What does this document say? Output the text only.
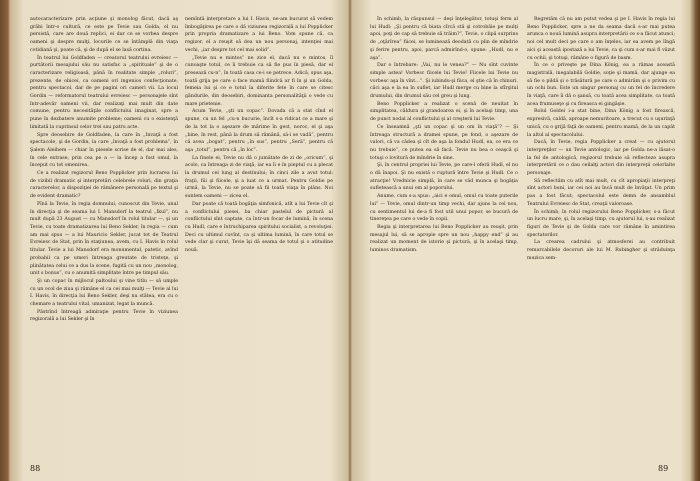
autocaracterizare prin acţiune şi monolog făcut, dacă aş grăbi într-o cultură, ce este pe Tevie sau Golda, el nu persistă, care are două replici, ei dar ce se vorbea despre oameni şi despre mulţi, locurile ce se întâmplă din viaţa cotidiană şi, poate că, şi de după el se lasă cortina.

În teatrul lui Goldfaden — creatorul teatrului evreiesc — purtătorii mesajului său nu satisfac a „spirituale” şi de o caracterizare religioasă, până în realitate simple „roluri”, prezente, de obicei, ca oameni ori ingenios confecţionate, pentru spectacol, dar de pe pagini ori cameri vii. La locul Gordin — reformatorul teatrului evreiesc — personajele sînt într-adevăr oameni vii, dar realizaţi mai mult din date comune, pentru necesităţile conflictului imaginat, spre a pune în dezbatere anumite probleme; oameni cu o existenţă limitată la cuprinsul celor trei sau patru acte.

Spre deosebire de Goldfaden, la care în „Invaţă a fost spectacole, şi de Gordin, la care „învaţă a fost problema”, în Şalem Aleihem — chiar în piesele scrise de el, dar mai ales, în cele extrase, prin cea pe a — la încep a fost omul, la început cu tot omenirea.

Ce a realizat regizorul Beno Popplicker prin lucrarea lui de vizibil dramatic şi interpretări celebrele roluri, din graţia caracterelor, a dispoziţiei de rămânere personală pe textul şi de evident dramatic?

Pînă la Tevie, în regia domnului, cunoscut din Tevie, unul în direcţia şi de seama lui I. Mansdorf la teatrul „Ikul”, nu mult după 23 August — cu Mansdorf în rolul titular —, şi un Tevie, cu toate dramatizarea lui Beno Sekler, în regia — cum am mai spus — a lui Mauricio Sekler, jucat tot de Teatrul Evreiesc de Stat, prin în staţiunea, avem, cu I. Havis în rolul titular. Tevie a lui Mansdorf era monumental, patetic, avînd probabil ca pe umeri întreaga greutate de tristeţe, şi plinătatea celui ce a dus la scene, fugită cu un nou „monolog, unit s bonus”, cu o anumită simplitate între pe timpul său.

Şi un copac în mijlocul paltoului şi vine titlu — să umple cu un ocol de ziua şi rămâne el ca cei mai mulţi — Tevie al lui I. Havis, în direcţia lui Beno Sekler, deşi nu stătea, era cu o chemare a teatrului vital, umanizat, legat la muncă.

Păstrînd întreagă admiraţie pentru Tevie în viziunea regizorală a lui Sekler şi în

nemîntă interpretare a lui I. Havis, ne-am bucurat să vedem îmbogăţirea pe care o dă viziunea regizorală a lui Popplicker prin propria dramatizare a lui Beno. Vom spune că, ca regizor, el a reuşit să dea un nou personaj, intenţiei mai vechi, „iar despre tot cel mai solid”.

„Tevie nu e mintos” ne zice el, dacă nu e mintos, îl cunoaşte totul, ce îi trebuie ca să fie pus în piesă, dar el presează cu-n”, în toată casa ce-i se petrece. Adică, spus aşa, toată grija pe care o face mamă fiindcă ar fi în şi un Golda, femeia lui şi ce e totul la diferite fete în care se citesc gândurile, din deosebiri, dominanta personalităţii o vede cu mare prietenie.

Acum Tevie, „şti un copac”. Dovada că a stat cînd el spune, cu un fel „cu-n bucurie, încît s-a ridicat ce a mare şi de la tot la o aşezare de mărime în gest, noroc, el şi aşa „bine, în rest, până la drum să rămână, să-i se vadă”, pentru că avea „bogat”, pentru „în sus”, pentru „Seră”, pentru că aşa „totul”, pentru că „în loc”.

La finele ei, Tevie nu dă o jumătate de zi de „oricum”, şi acolo, ca întreaga zi de viaţă, iar ea îi e în pieptul cu a plecat la drumul cel lung al destinului; în cinci zile a avut totul: fraţii, fiii şi fiicele, şi a luat ce a urmat. Pentru Goldie pe urmă, la Tevie, nu se poate să fii toată viaţa în plâns. Noi suntem oameni — zicea el.

Dar poate că toată bogăţia simfonică, atît a lui Tevie cît şi a conflictului piesei, ba chiar pastelul de pictură al conflictului sînt captate, ca într-un focar de lumină, în scena cu Hudl, care e întruchiparea spiritului socialist, a revoluţiei. Deci cu ultimul cuvînt, ca şi ultima lumină, în care totul se vede clar şi curat, Tevie îşi dă seama de totul şi o atitudine nouă.

88

În schimb, la răspunsul — deşi înţelegător, totuşi ferm al lui Hudl: „Şi pentru că biata cîrcă stă şi cotrobăie pe mulţi apoi, poţi de cap să trebuie să trăim?”, Tevie, o clipă surprins de „oţărîrea” fiicei, se luminează deodată cu plin de mîndrie şi ferire pentru, apoi, parcă admirînd-o, spune: „Hudl, nu e aşa”.

Dar o întrebare: „Vai, nu le venea?” — Nu sînt cuvinte simple astea! Vorbesc fiicele lui Tevie! Fiicele lui Tevie nu vorbesc aşa în vînt…”. Şi iubindu-şi fiica, el ştie că în chinuri, căci aşa e la ea în suflet, iar Hudl merge cu bine la sfîrşitul drumului, din drumul său cel greu şi lung.

Beno Popplicker a realizat o scenă de neuitat în simplitatea, căldura şi grandoarea ei, şi în acelaşi timp, una de punct nodal al conflictului şi al creşterii lui Tevie.

Ce înseamnă „şti un copac şi un om în viaţă”? — Şi întreaga structură a dramei spune, pe fond, o aşezare de valori, că va cădea şi cît de aşa la fondul Hudl, ea, ce era ce nu trebuie”, ce putea ea să facă. Tevie nu bea o ceaşcă şi totuşi o lovitură de mîndrie în sine.

Şi, în centrul propriei lui Tevie, pe care-l oferă Hudl, el nu o dă înapoi. Şi nu există o ruptură între Tevie şi Hudl. Ce o atracţie! Vrednicie simplă, în care se văd munca şi bogăţia sufletească a unui om al poporului.

Anume, cum s-a spus: „aici e omul, omul cu toate puterile lui” — Tevie, omul dintr-un timp vechi, dar ajuns la cel nou, cu sentimentul lui de-a fi fost util unui popor, se bucură de tinereţea pe care o vede în copii.

Regia şi interpretarea lui Beno Popplicker au reuşit, prin mesajul lui, să se apropie spre un nou „happy end” şi au realizat un moment de istorie şi pictură, şi în acelaşi timp, luminos dramatism.

Regretăm că nu am putut vedea şi pe I. Havis în regia lui Beno Popplicker, spre a ne da seama dacă s-ar mai putea arunca o nouă lumină asupra interpretării ce s-a făcut atunci; noi cel mult deci pe care o am înţeles, iar ea avem pe lîngă aici şi această ipostază a lui Tevie, ca şi cum s-ar mai fi văzut cu ochii, şi totuşi, rămâne o figură de basm.

În ce o priveşte pe Dina König, ea a rămas această magistrală, inegalabilă Goldie, soţie şi mamă, dar ajunge ea să fie o pildă şi o trăsătură pe care o admirăm şi o privim cu un ochi bun. Este un singur personaj cu un fel de încredere în viaţă, care îi dă o şansă, cu toată acea simplitate, ca toată acea frumuseţe şi cu fireasca ei gingăşie.

Rolul Goldei i-a stat bine, Dina König a fost firească, expresivă, caldă, aproape nemuritoare, a trecut cu o uşurinţă unică, cu o grijă faţă de oameni, pentru mamă, de la un capăt la altul al spectacolului.

Dacă, în Tevie, regia Popplicker a creat — cu ajutorul interpreţilor — un Tevie antologic, iar pe Golda ne-a lăsat-o la fel de antologică, regizorul trebuie să reflecteze asupra interpretării ce o dau ceilalţi actori din interpreţii celorlalte personaje.

Să reflectăm cu atît mai mult, cu cît apropiaţii interpreţi sînt actori buni, iar cei noi au încă mult de învăţat. Un prim pas a fost făcut; spectacolul este demn de ansamblul Teatrului Evreiesc de Stat, creaţii valoroase.

În schimb, în rolul regizorului Beno Popplicker, s-a făcut un lucru mare, şi, în acelaşi timp, cu ajutorul lui, s-au realizat figuri de Tevie şi de Golda care vor rămâne în amintirea spectatorilor.

La crearea cadrului şi atmosferei au contribuit remarcabilele decoruri ale lui M. Rubingher şi străduinţa muzica sem-

89
